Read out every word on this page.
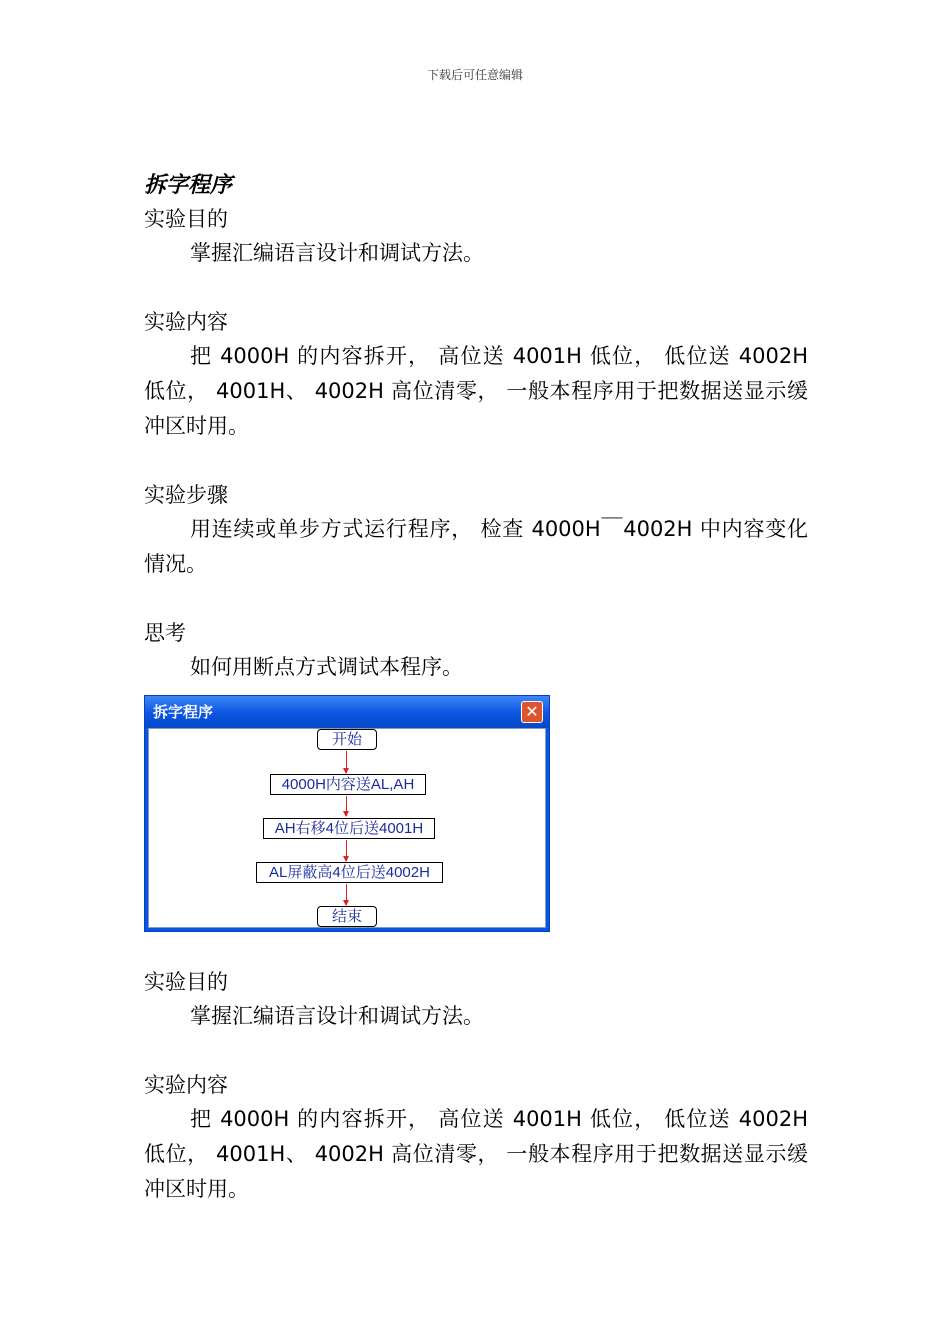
下载后可任意编辑
拆字程序
实验目的
掌握汇编语言设计和调试方法。
实验内容
把 4000H 的内容拆开， 高位送 4001H 低位， 低位送 4002H 低位， 4001H、 4002H 高位清零， 一般本程序用于把数据送显示缓冲区时用。
实验步骤
用连续或单步方式运行程序， 检查 4000H￣4002H 中内容变化情况。
思考
如何用断点方式调试本程序。
拆字程序	✕
开始
4000H内容送AL,AH
AH右移4位后送4001H
AL屏蔽高4位后送4002H
结束
实验目的
掌握汇编语言设计和调试方法。
实验内容
把 4000H 的内容拆开， 高位送 4001H 低位， 低位送 4002H 低位， 4001H、 4002H 高位清零， 一般本程序用于把数据送显示缓冲区时用。
